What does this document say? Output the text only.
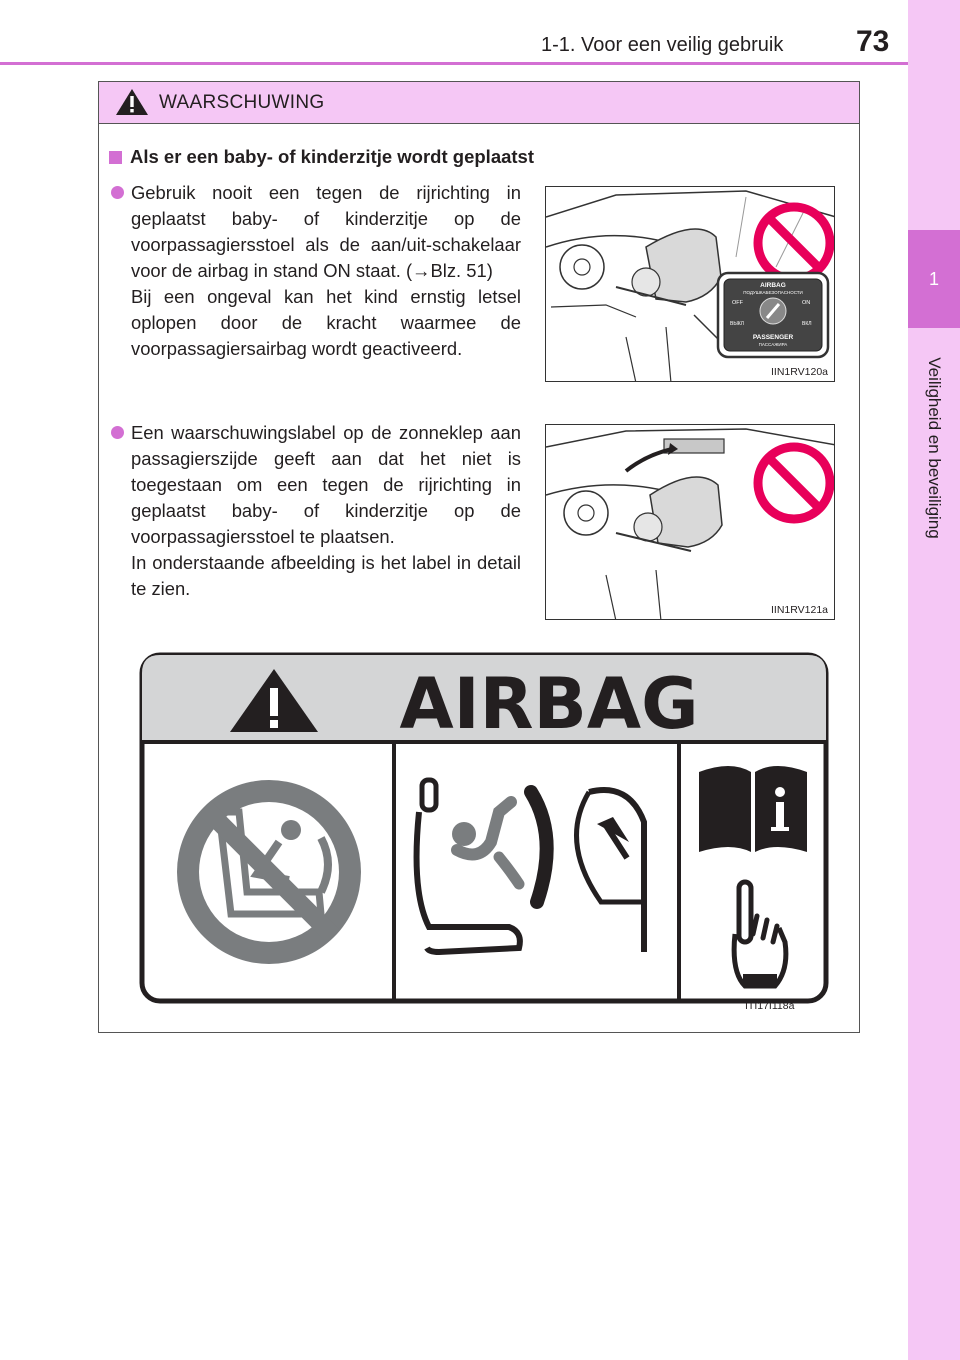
1-1. Voor een veilig gebruik 73
1
Veiligheid en beveiliging
WAARSCHUWING
Als er een baby- of kinderzitje wordt geplaatst

Gebruik nooit een tegen de rijrichting in geplaatst baby- of kinderzitje op de voorpassagiersstoel als de aan/uit-schakelaar voor de airbag in stand ON staat. (→Blz. 51)

Bij een ongeval kan het kind ernstig letsel oplopen door de kracht waarmee de voorpassagiersairbag wordt geactiveerd.

AIRBAG
ПОДУШКАБЕЗОПАСНОСТИ
OFF	ON
ВЫКЛ	ВКЛ
PASSENGER
ПАССАЖИРА
IIN1RV120a

Een waarschuwingslabel op de zonneklep aan passagierszijde geeft aan dat het niet is toegestaan om een tegen de rijrichting in geplaatst baby- of kinderzitje op de voorpassagiersstoel te plaatsen.

In onderstaande afbeelding is het label in detail te zien.

IIN1RV121a
AIRBAG
ITI17I118a
